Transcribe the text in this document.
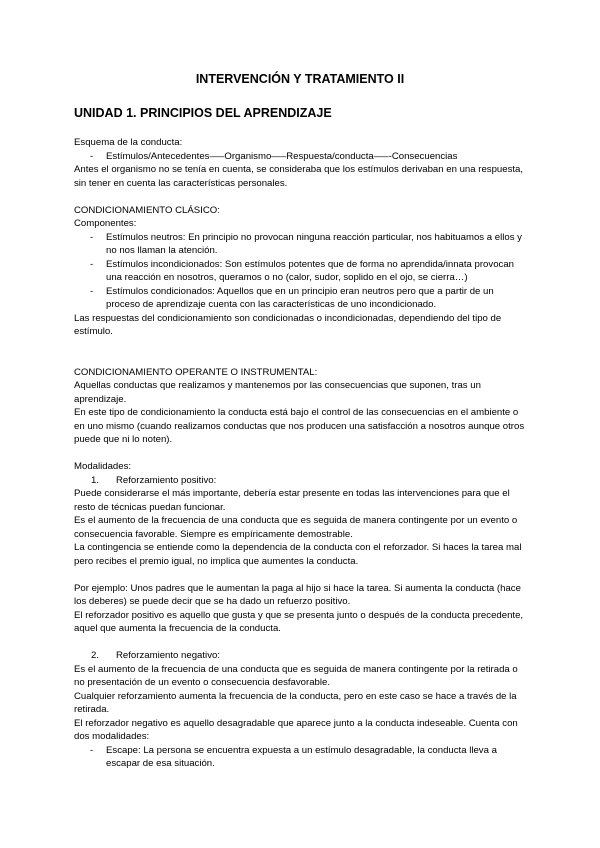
INTERVENCIÓN Y TRATAMIENTO II
UNIDAD 1. PRINCIPIOS DEL APRENDIZAJE

Esquema de la conducta:

- Estímulos/Antecedentes—–Organismo—–Respuesta/conducta—–-Consecuencias

Antes el organismo no se tenía en cuenta, se consideraba que los estímulos derivaban en una respuesta, sin tener en cuenta las características personales.

CONDICIONAMIENTO CLÁSICO:

Componentes:

- Estímulos neutros: En principio no provocan ninguna reacción particular, nos habituamos a ellos y no nos llaman la atención.
- Estímulos incondicionados: Son estímulos potentes que de forma no aprendida/innata provocan una reacción en nosotros, queramos o no (calor, sudor, soplido en el ojo, se cierra…)
- Estímulos condicionados: Aquellos que en un principio eran neutros pero que a partir de un proceso de aprendizaje cuenta con las características de uno incondicionado.

Las respuestas del condicionamiento son condicionadas o incondicionadas, dependiendo del tipo de estímulo.

CONDICIONAMIENTO OPERANTE O INSTRUMENTAL:

Aquellas conductas que realizamos y mantenemos por las consecuencias que suponen, tras un aprendizaje.

En este tipo de condicionamiento la conducta está bajo el control de las consecuencias en el ambiente o en uno mismo (cuando realizamos conductas que nos producen una satisfacción a nosotros aunque otros puede que ni lo noten).

Modalidades:

1. Reforzamiento positivo:

Puede considerarse el más importante, debería estar presente en todas las intervenciones para que el resto de técnicas puedan funcionar.

Es el aumento de la frecuencia de una conducta que es seguida de manera contingente por un evento o consecuencia favorable. Siempre es empíricamente demostrable.

La contingencia se entiende como la dependencia de la conducta con el reforzador. Si haces la tarea mal pero recibes el premio igual, no implica que aumentes la conducta.

Por ejemplo: Unos padres que le aumentan la paga al hijo si hace la tarea. Si aumenta la conducta (hace los deberes) se puede decir que se ha dado un refuerzo positivo.

El reforzador positivo es aquello que gusta y que se presenta junto o después de la conducta precedente, aquel que aumenta la frecuencia de la conducta.

2. Reforzamiento negativo:

Es el aumento de la frecuencia de una conducta que es seguida de manera contingente por la retirada o no presentación de un evento o consecuencia desfavorable.

Cualquier reforzamiento aumenta la frecuencia de la conducta, pero en este caso se hace a través de la retirada.

El reforzador negativo es aquello desagradable que aparece junto a la conducta indeseable. Cuenta con dos modalidades:

- Escape: La persona se encuentra expuesta a un estímulo desagradable, la conducta lleva a escapar de esa situación.
